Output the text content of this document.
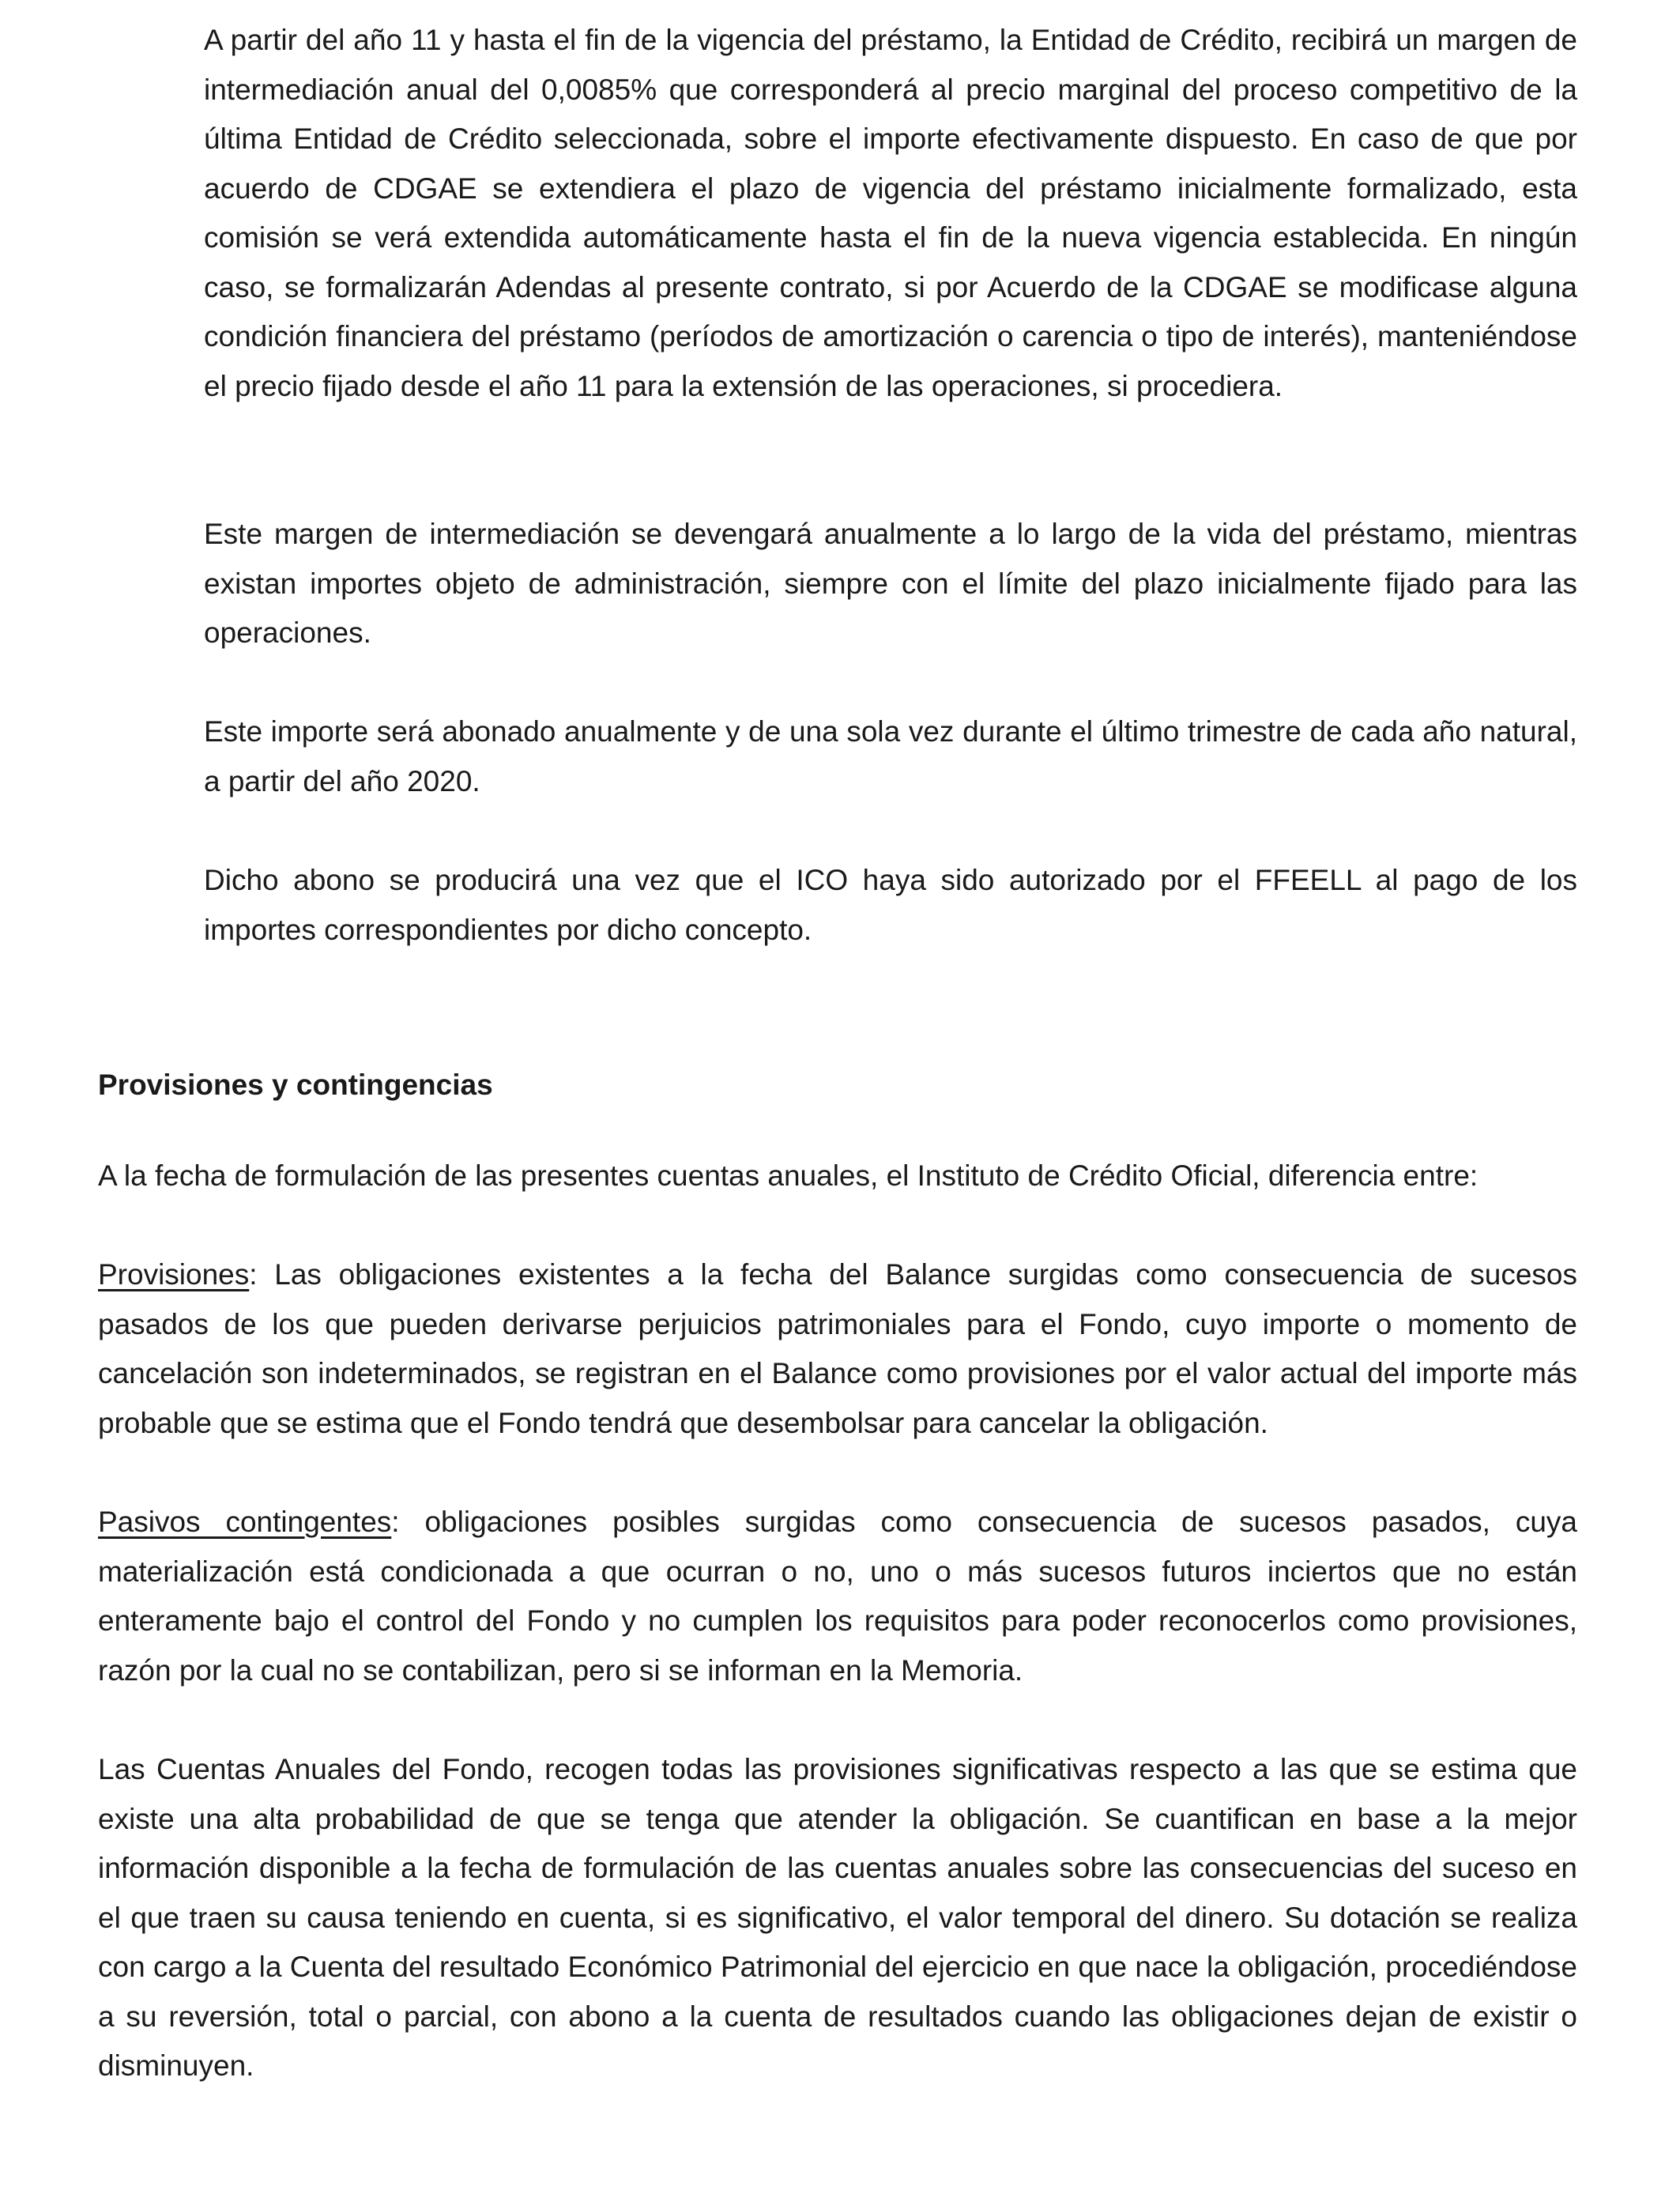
A partir del año 11 y hasta el fin de la vigencia del préstamo, la Entidad de Crédito, recibirá un margen de intermediación anual del 0,0085% que corresponderá al precio marginal del proceso competitivo de la última Entidad de Crédito seleccionada, sobre el importe efectivamente dispuesto. En caso de que por acuerdo de CDGAE se extendiera el plazo de vigencia del préstamo inicialmente formalizado, esta comisión se verá extendida automáticamente hasta el fin de la nueva vigencia establecida. En ningún caso, se formalizarán Adendas al presente contrato, si por Acuerdo de la CDGAE se modificase alguna condición financiera del préstamo (períodos de amortización o carencia o tipo de interés), manteniéndose el precio fijado desde el año 11 para la extensión de las operaciones, si procediera.

Este margen de intermediación se devengará anualmente a lo largo de la vida del préstamo, mientras existan importes objeto de administración, siempre con el límite del plazo inicialmente fijado para las operaciones.

Este importe será abonado anualmente y de una sola vez durante el último trimestre de cada año natural, a partir del año 2020.

Dicho abono se producirá una vez que el ICO haya sido autorizado por el FFEELL al pago de los importes correspondientes por dicho concepto.

Provisiones y contingencias

A la fecha de formulación de las presentes cuentas anuales, el Instituto de Crédito Oficial, diferencia entre:

Provisiones: Las obligaciones existentes a la fecha del Balance surgidas como consecuencia de sucesos pasados de los que pueden derivarse perjuicios patrimoniales para el Fondo, cuyo importe o momento de cancelación son indeterminados, se registran en el Balance como provisiones por el valor actual del importe más probable que se estima que el Fondo tendrá que desembolsar para cancelar la obligación.

Pasivos contingentes: obligaciones posibles surgidas como consecuencia de sucesos pasados, cuya materialización está condicionada a que ocurran o no, uno o más sucesos futuros inciertos que no están enteramente bajo el control del Fondo y no cumplen los requisitos para poder reconocerlos como provisiones, razón por la cual no se contabilizan, pero si se informan en la Memoria.

Las Cuentas Anuales del Fondo, recogen todas las provisiones significativas respecto a las que se estima que existe una alta probabilidad de que se tenga que atender la obligación. Se cuantifican en base a la mejor información disponible a la fecha de formulación de las cuentas anuales sobre las consecuencias del suceso en el que traen su causa teniendo en cuenta, si es significativo, el valor temporal del dinero. Su dotación se realiza con cargo a la Cuenta del resultado Económico Patrimonial del ejercicio en que nace la obligación, procediéndose a su reversión, total o parcial, con abono a la cuenta de resultados cuando las obligaciones dejan de existir o disminuyen.
